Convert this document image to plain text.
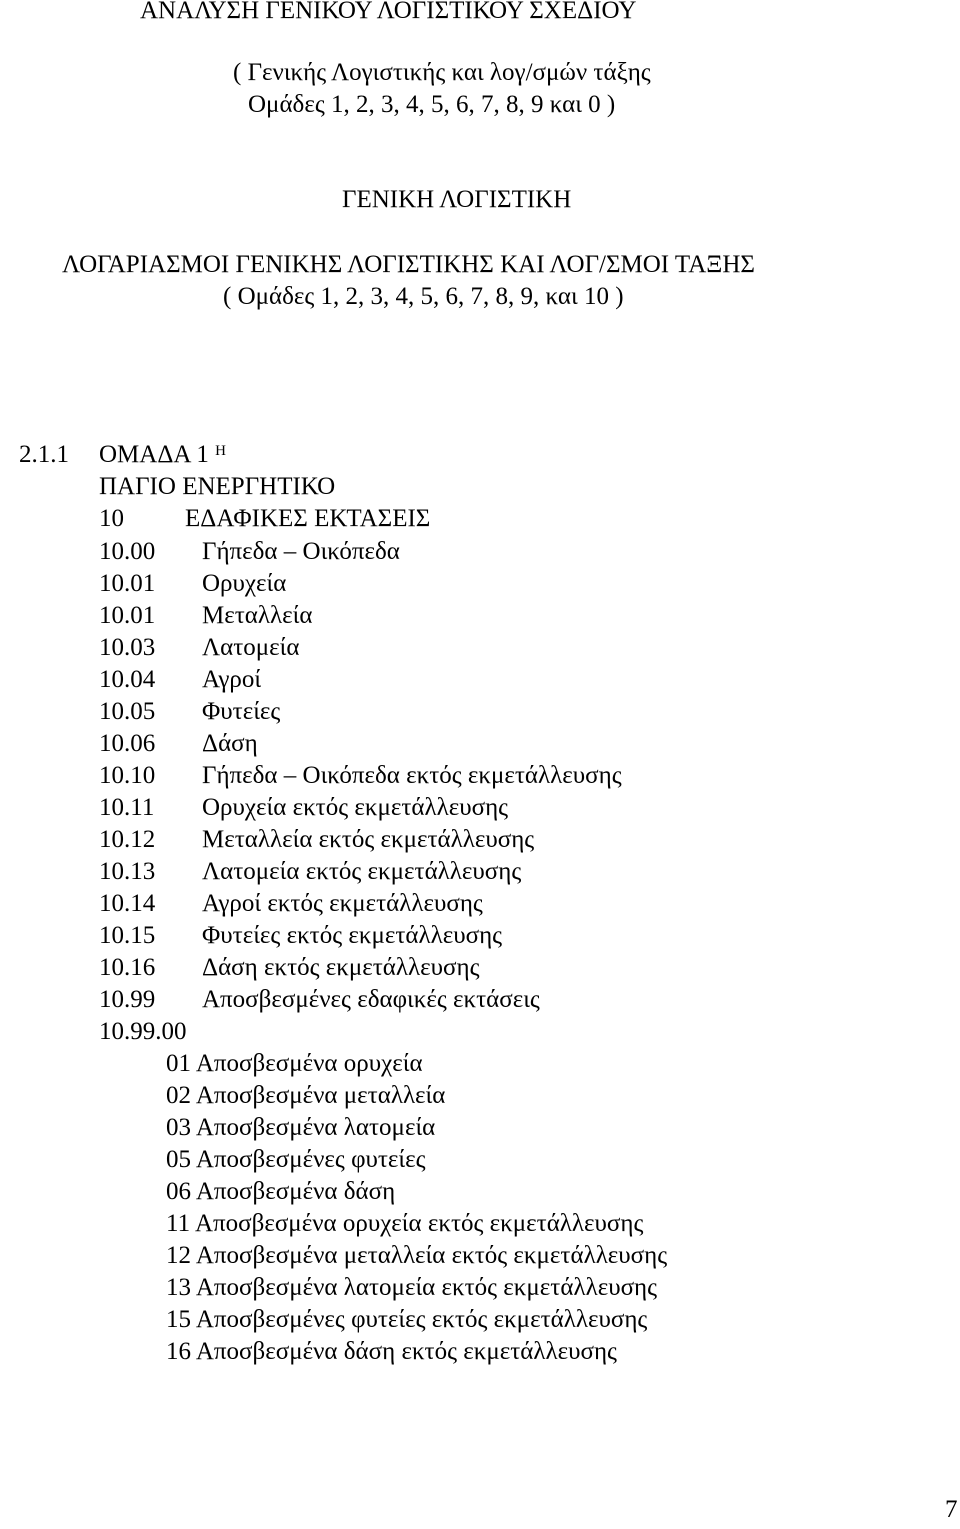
ΑΝΑΛΥΣΗ ΓΕΝΙΚΟΥ ΛΟΓΙΣΤΙΚΟΥ ΣΧΕΔΙΟΥ
( Γενικής Λογιστικής και λογ/σμών τάξης
Ομάδες 1, 2, 3, 4, 5, 6, 7, 8, 9 και 0 )
ΓΕΝΙΚΗ ΛΟΓΙΣΤΙΚΗ
ΛΟΓΑΡΙΑΣΜΟΙ ΓΕΝΙΚΗΣ ΛΟΓΙΣΤΙΚΗΣ ΚΑΙ ΛΟΓ/ΣΜΟΙ ΤΑΞΗΣ
( Ομάδες 1, 2, 3, 4, 5, 6, 7, 8, 9, και 10 )
2.1.1 ΟΜΑΔΑ 1 $^H$
ΠΑΓΙΟ ΕΝΕΡΓΗΤΙΚΟ
10 ΕΔΑΦΙΚΕΣ ΕΚΤΑΣΕΙΣ
10.00 Γήπεδα – Οικόπεδα
10.01 Ορυχεία
10.01 Μεταλλεία
10.03 Λατομεία
10.04 Αγροί
10.05 Φυτείες
10.06 Δάση
10.10 Γήπεδα – Οικόπεδα εκτός εκμετάλλευσης
10.11 Ορυχεία εκτός εκμετάλλευσης
10.12 Μεταλλεία εκτός εκμετάλλευσης
10.13 Λατομεία εκτός εκμετάλλευσης
10.14 Αγροί εκτός εκμετάλλευσης
10.15 Φυτείες εκτός εκμετάλλευσης
10.16 Δάση εκτός εκμετάλλευσης
10.99 Αποσβεσμένες εδαφικές εκτάσεις
10.99.00
01 Αποσβεσμένα ορυχεία
02 Αποσβεσμένα μεταλλεία
03 Αποσβεσμένα λατομεία
05 Αποσβεσμένες φυτείες
06 Αποσβεσμένα δάση
11 Αποσβεσμένα ορυχεία εκτός εκμετάλλευσης
12 Αποσβεσμένα μεταλλεία εκτός εκμετάλλευσης
13 Αποσβεσμένα λατομεία εκτός εκμετάλλευσης
15 Αποσβεσμένες φυτείες εκτός εκμετάλλευσης
16 Αποσβεσμένα δάση εκτός εκμετάλλευσης
7
